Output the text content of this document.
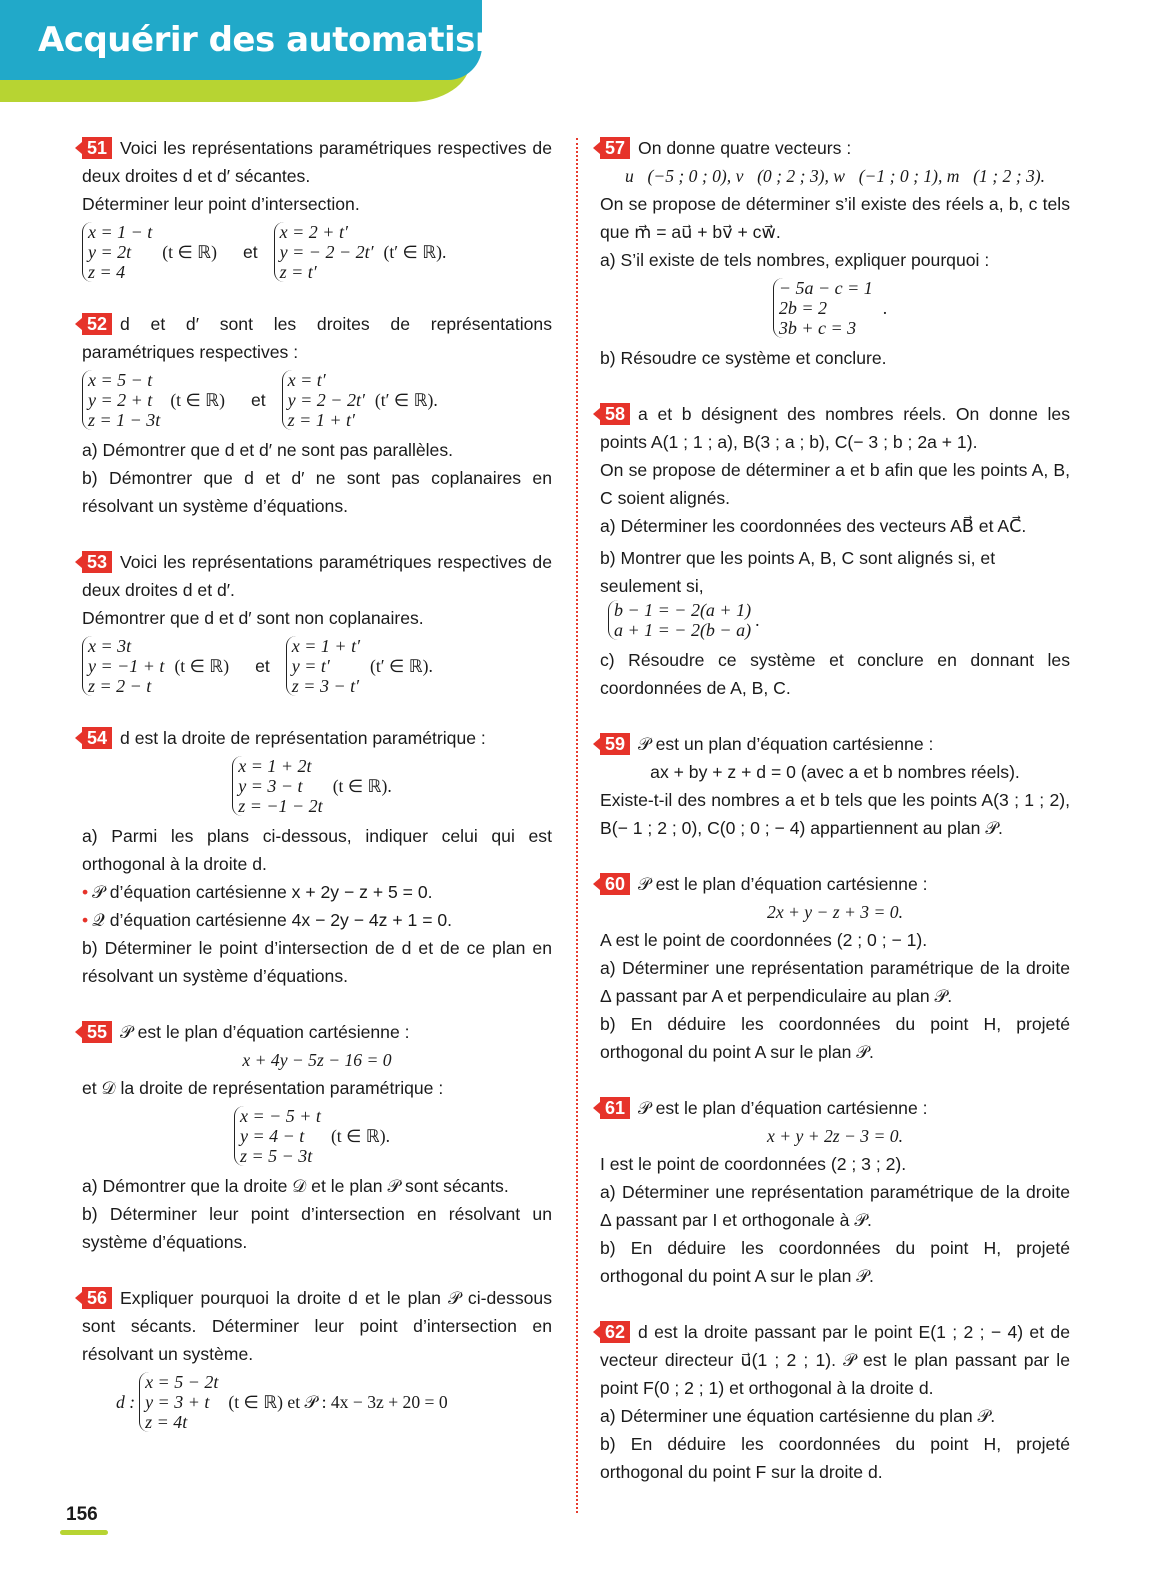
Acquérir des automatismes

51 Voici les représentations paramétriques respectives de deux droites d et d′ sécantes.

Déterminer leur point d’intersection.

x = 1 − t
y = 2t
z = 4
(t ∈ ℝ) et
x = 2 + t′
y = − 2 − 2t′
z = t′
(t′ ∈ ℝ).

52 d et d′ sont les droites de représentations paramétriques respectives :

x = 5 − t
y = 2 + t
z = 1 − 3t
(t ∈ ℝ) et
x = t′
y = 2 − 2t′
z = 1 + t′
(t′ ∈ ℝ).

a) Démontrer que d et d′ ne sont pas parallèles.

b) Démontrer que d et d′ ne sont pas coplanaires en résolvant un système d’équations.

53 Voici les représentations paramétriques respectives de deux droites d et d′.

Démontrer que d et d′ sont non coplanaires.

x = 3t
y = −1 + t
z = 2 − t
(t ∈ ℝ) et
x = 1 + t′
y = t′
z = 3 − t′
(t′ ∈ ℝ).

54 d est la droite de représentation paramétrique :

x = 1 + 2t
y = 3 − t
z = −1 − 2t
(t ∈ ℝ).

a) Parmi les plans ci-dessous, indiquer celui qui est orthogonal à la droite d.

• 𝒫 d’équation cartésienne x + 2y − z + 5 = 0.

• 𝒬 d’équation cartésienne 4x − 2y − 4z + 1 = 0.

b) Déterminer le point d’intersection de d et de ce plan en résolvant un système d’équations.

55 𝒫 est le plan d’équation cartésienne :

x + 4y − 5z − 16 = 0

et 𝒟 la droite de représentation paramétrique :

x = − 5 + t
y = 4 − t
z = 5 − 3t
(t ∈ ℝ).

a) Démontrer que la droite 𝒟 et le plan 𝒫 sont sécants.

b) Déterminer leur point d’intersection en résolvant un système d’équations.

56 Expliquer pourquoi la droite d et le plan 𝒫 ci-dessous sont sécants. Déterminer leur point d’intersection en résolvant un système.

d :
x = 5 − 2t
y = 3 + t
z = 4t
(t ∈ ℝ) et 𝒫 : 4x − 3z + 20 = 0

57 On donne quatre vecteurs :

u⃗(−5 ; 0 ; 0), v⃗(0 ; 2 ; 3), w⃗(−1 ; 0 ; 1), m⃗(1 ; 2 ; 3).

On se propose de déterminer s’il existe des réels a, b, c tels que m⃗ = au⃗ + bv⃗ + cw⃗.

a) S’il existe de tels nombres, expliquer pourquoi :

− 5a − c = 1
2b = 2
3b + c = 3
.

b) Résoudre ce système et conclure.

58 a et b désignent des nombres réels. On donne les points A(1 ; 1 ; a), B(3 ; a ; b), C(− 3 ; b ; 2a + 1).

On se propose de déterminer a et b afin que les points A, B, C soient alignés.

a) Déterminer les coordonnées des vecteurs AB⃗ et AC⃗.

b) Montrer que les points A, B, C sont alignés si, et seulement si,
b − 1 = − 2(a + 1)
a + 1 = − 2(b − a) .

c) Résoudre ce système et conclure en donnant les coordonnées de A, B, C.

59 𝒫 est un plan d’équation cartésienne :

ax + by + z + d = 0 (avec a et b nombres réels).

Existe-t-il des nombres a et b tels que les points A(3 ; 1 ; 2), B(− 1 ; 2 ; 0), C(0 ; 0 ; − 4) appartiennent au plan 𝒫.

60 𝒫 est le plan d’équation cartésienne :

2x + y − z + 3 = 0.

A est le point de coordonnées (2 ; 0 ; − 1).

a) Déterminer une représentation paramétrique de la droite Δ passant par A et perpendiculaire au plan 𝒫.

b) En déduire les coordonnées du point H, projeté orthogonal du point A sur le plan 𝒫.

61 𝒫 est le plan d’équation cartésienne :

x + y + 2z − 3 = 0.

I est le point de coordonnées (2 ; 3 ; 2).

a) Déterminer une représentation paramétrique de la droite Δ passant par I et orthogonale à 𝒫.

b) En déduire les coordonnées du point H, projeté orthogonal du point A sur le plan 𝒫.

62 d est la droite passant par le point E(1 ; 2 ; − 4) et de vecteur directeur u⃗(1 ; 2 ; 1). 𝒫 est le plan passant par le point F(0 ; 2 ; 1) et orthogonal à la droite d.

a) Déterminer une équation cartésienne du plan 𝒫.

b) En déduire les coordonnées du point H, projeté orthogonal du point F sur la droite d.

156
